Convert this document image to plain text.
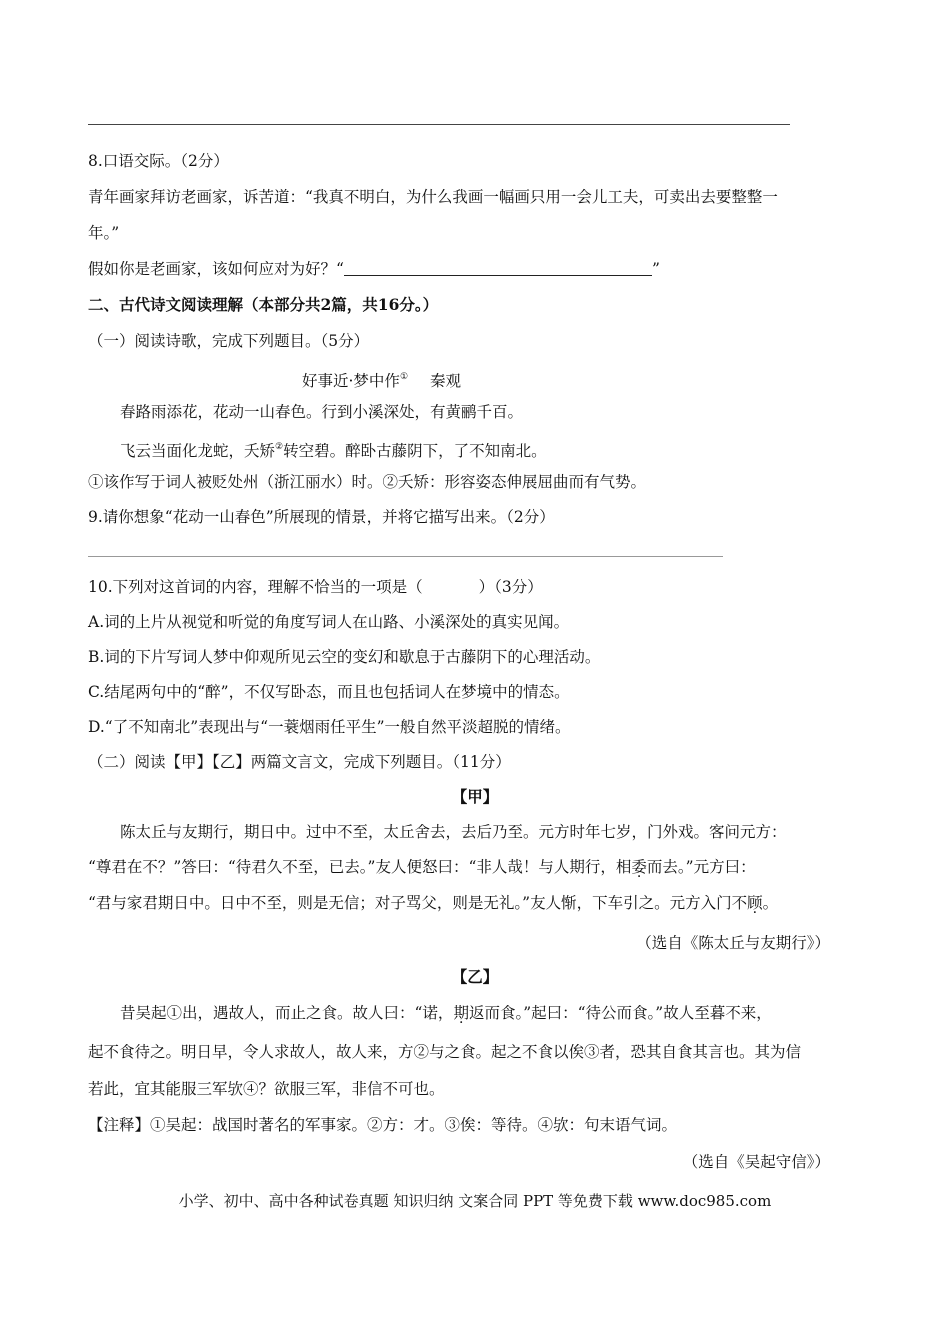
8.口语交际。（2分）
青年画家拜访老画家，诉苦道：“我真不明白，为什么我画一幅画只用一会儿工夫，可卖出去要整整一
年。”
假如你是老画家，该如何应对为好？“	”
二、古代诗文阅读理解（本部分共2篇，共16分。）
（一）阅读诗歌，完成下列题目。（5分）
好事近·梦中作① 秦观
春路雨添花，花动一山春色。行到小溪深处，有黄鹂千百。
飞云当面化龙蛇，夭矫②转空碧。醉卧古藤阴下，了不知南北。
①该作写于词人被贬处州（浙江丽水）时。②夭矫：形容姿态伸展屈曲而有气势。
9.请你想象“花动一山春色”所展现的情景，并将它描写出来。（2分）
10.下列对这首词的内容，理解不恰当的一项是（	）（3分）
A.词的上片从视觉和听觉的角度写词人在山路、小溪深处的真实见闻。
B.词的下片写词人梦中仰观所见云空的变幻和歇息于古藤阴下的心理活动。
C.结尾两句中的“醉”，不仅写卧态，而且也包括词人在梦境中的情态。
D.“了不知南北”表现出与“一蓑烟雨任平生”一般自然平淡超脱的情绪。
（二）阅读【甲】【乙】两篇文言文，完成下列题目。（11分）
【甲】
陈太丘与友期行，期日中。过中不至，太丘舍去，去后乃至。元方时年七岁，门外戏。客问元方：
“尊君在不？”答曰：“待君久不至，已去。”友人便怒曰：“非人哉！与人期行，相委而去。”元方曰：
“君与家君期日中。日中不至，则是无信；对子骂父，则是无礼。”友人惭，下车引之。元方入门不顾。
（选自《陈太丘与友期行》）
【乙】
昔吴起①出，遇故人，而止之食。故人曰：“诺，期返而食。”起曰：“待公而食。”故人至暮不来，
起不食待之。明日早，令人求故人，故人来，方②与之食。起之不食以俟③者，恐其自食其言也。其为信
若此，宜其能服三军欤④？欲服三军，非信不可也。
【注释】①吴起：战国时著名的军事家。②方：才。③俟：等待。④欤：句末语气词。
（选自《吴起守信》）
小学、初中、高中各种试卷真题 知识归纳 文案合同 PPT 等免费下载 www.doc985.com
